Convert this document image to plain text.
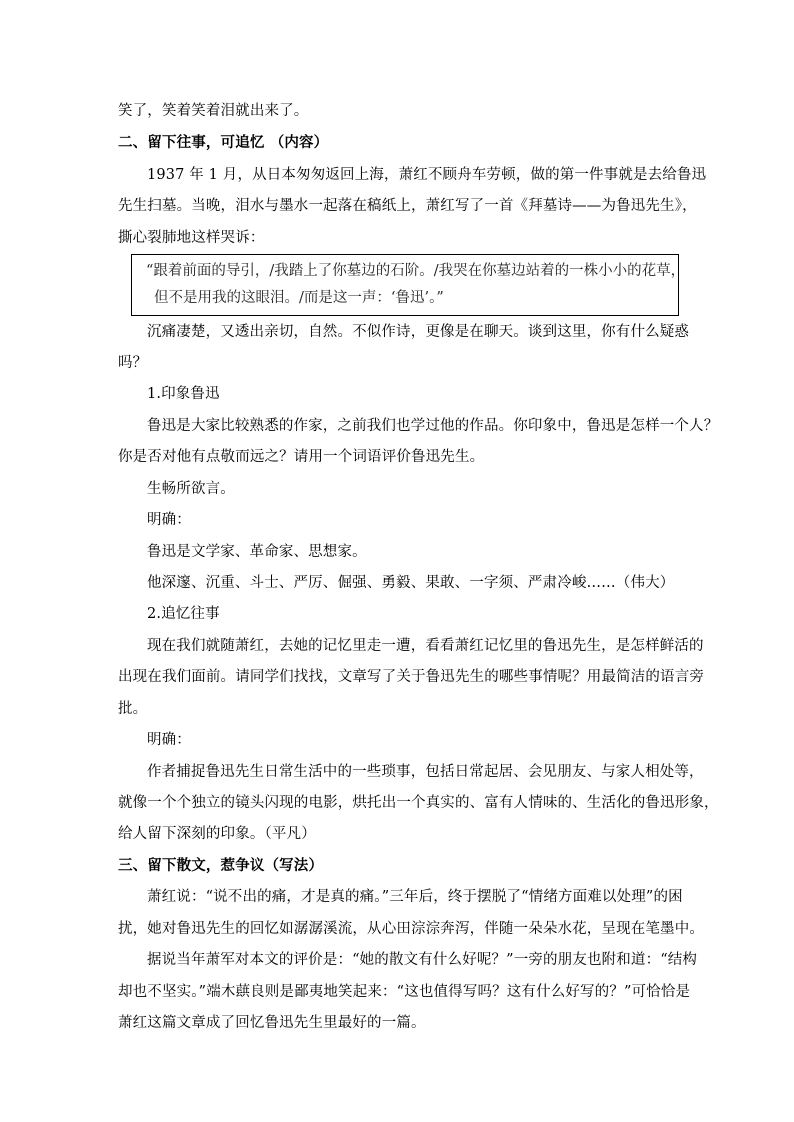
笑了，笑着笑着泪就出来了。
二、留下往事，可追忆 （内容）
1937 年 1 月，从日本匆匆返回上海，萧红不顾舟车劳顿，做的第一件事就是去给鲁迅
先生扫墓。当晚，泪水与墨水一起落在稿纸上，萧红写了一首《拜墓诗——为鲁迅先生》，
撕心裂肺地这样哭诉：
“跟着前面的导引，/我踏上了你墓边的石阶。/我哭在你墓边站着的一株小小的花草，
但不是用我的这眼泪。/而是这一声：‘鲁迅’。”
沉痛凄楚，又透出亲切，自然。不似作诗，更像是在聊天。谈到这里，你有什么疑惑
吗？
1.印象鲁迅
鲁迅是大家比较熟悉的作家，之前我们也学过他的作品。你印象中，鲁迅是怎样一个人？
你是否对他有点敬而远之？请用一个词语评价鲁迅先生。
生畅所欲言。
明确：
鲁迅是文学家、革命家、思想家。
他深邃、沉重、斗士、严厉、倔强、勇毅、果敢、一字须、严肃冷峻……（伟大）
2.追忆往事
现在我们就随萧红，去她的记忆里走一遭，看看萧红记忆里的鲁迅先生，是怎样鲜活的
出现在我们面前。请同学们找找，文章写了关于鲁迅先生的哪些事情呢？用最简洁的语言旁
批。
明确：
作者捕捉鲁迅先生日常生活中的一些琐事，包括日常起居、会见朋友、与家人相处等，
就像一个个独立的镜头闪现的电影，烘托出一个真实的、富有人情味的、生活化的鲁迅形象，
给人留下深刻的印象。（平凡）
三、留下散文，惹争议（写法）
萧红说：“说不出的痛，才是真的痛。”三年后，终于摆脱了“情绪方面难以处理”的困
扰，她对鲁迅先生的回忆如潺潺溪流，从心田淙淙奔泻，伴随一朵朵水花，呈现在笔墨中。
据说当年萧军对本文的评价是：“她的散文有什么好呢？”一旁的朋友也附和道：“结构
却也不坚实。”端木蕻良则是鄙夷地笑起来：“这也值得写吗？这有什么好写的？”可恰恰是
萧红这篇文章成了回忆鲁迅先生里最好的一篇。
